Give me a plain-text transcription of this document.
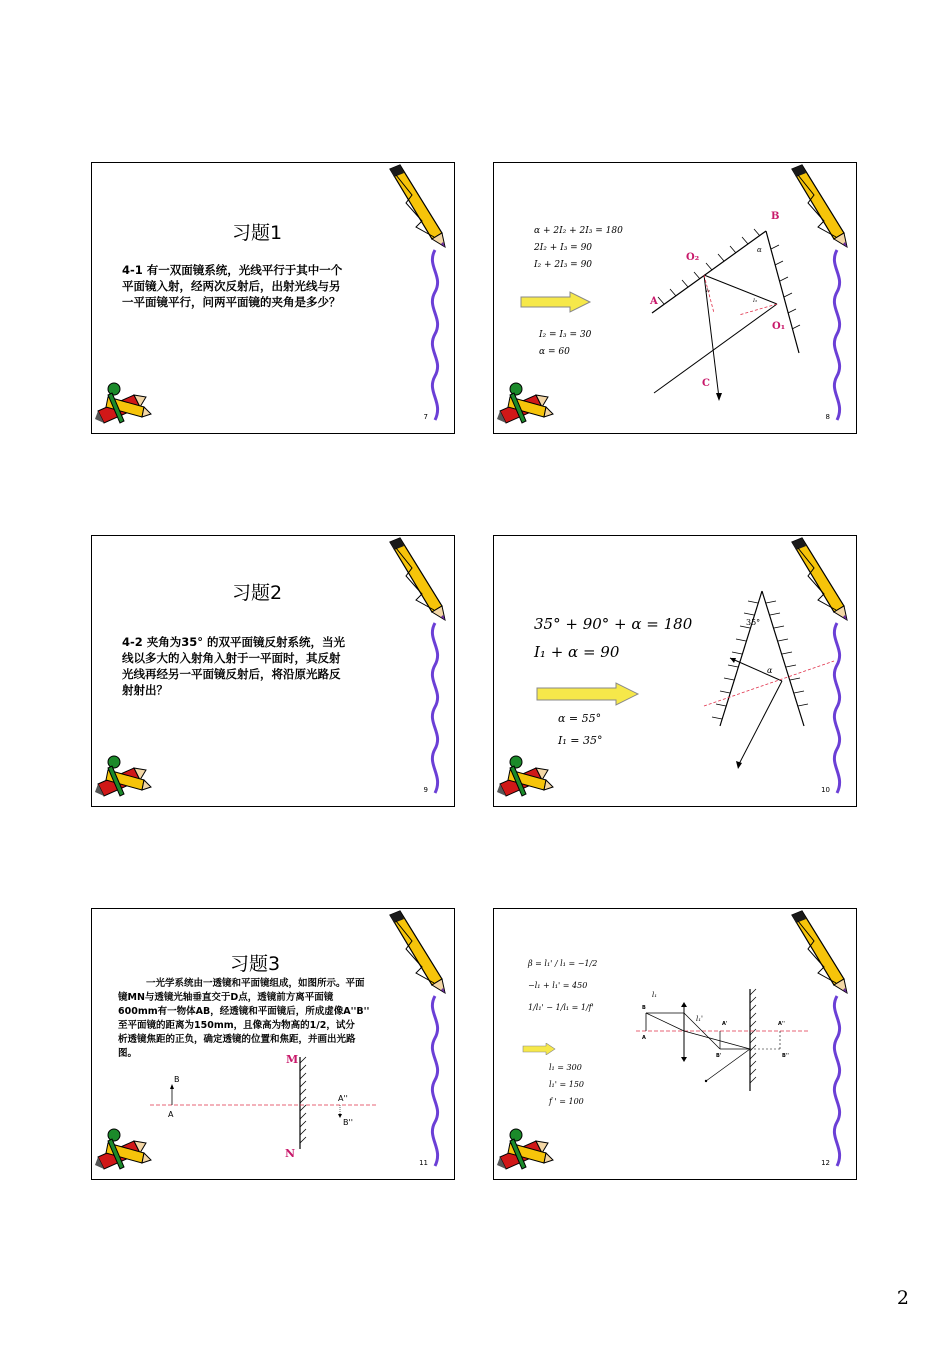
习题1
4-1 有一双面镜系统，光线平行于其中一个
平面镜入射，经两次反射后，出射光线与另
一平面镜平行，问两平面镜的夹角是多少？
7
α + 2I₂ + 2I₃ = 180
2I₂ + I₃ = 90
I₂ + 2I₃ = 90
I₂ = I₃ = 30
α = 60
B
O₂
A
O₁
C
α
I₂
I₃
8
习题2
4-2 夹角为35° 的双平面镜反射系统，当光
线以多大的入射角入射于一平面时，其反射
光线再经另一平面镜反射后，将沿原光路反
射射出？
9
35° + 90° + α = 180
I₁ + α = 90
α = 55°
I₁ = 35°
35°
α
10
习题3
一光学系统由一透镜和平面镜组成，如图所示。平面
镜MN与透镜光轴垂直交于D点，透镜前方离平面镜
600mm有一物体AB，经透镜和平面镜后，所成虚像A''B''
至平面镜的距离为150mm，且像高为物高的1/2，试分
析透镜焦距的正负，确定透镜的位置和焦距，并画出光路
图。	M
N
B
A
A''
B''
11
β = l₁' / l₁ = −1/2
−l₁ + l₁' = 450
1/l₁' − 1/l₁ = 1/f'
l₁ = 300
l₁' = 150
f ' = 100
l₁
l₁'
B
A
A'
B'
A''
B''
12
2
